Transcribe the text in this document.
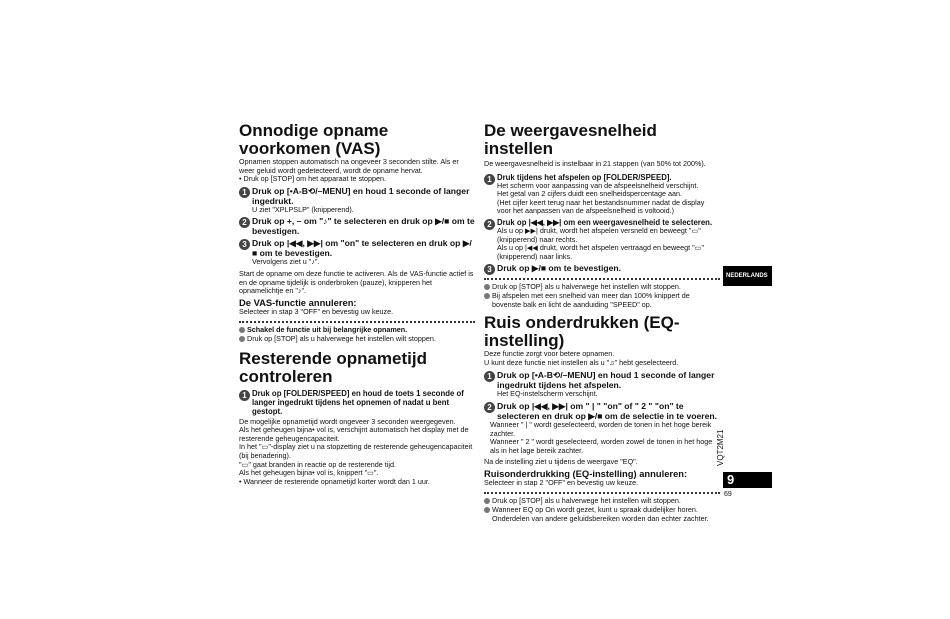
Onnodige opname voorkomen (VAS)

Opnamen stoppen automatisch na ongeveer 3 seconden stilte. Als er weer geluid wordt gedetecteerd, wordt de opname hervat.

• Druk op [STOP] om het apparaat te stoppen.

1 Druk op [•A-B⟲/–MENU] en houd 1 seconde of langer ingedrukt.
U ziet "XPLPSLP" (knipperend).
2 Druk op +, – om "♪" te selecteren en druk op ▶/■ om te bevestigen.
3 Druk op |◀◀, ▶▶| om "on" te selecteren en druk op ▶/■ om te bevestigen.
Vervolgens ziet u "♪".

Start de opname om deze functie te activeren. Als de VAS-functie actief is en de opname tijdelijk is onderbroken (pauze), knipperen het opnamelichtje en "♪".

De VAS-functie annuleren:

Selecteer in stap 3 "OFF" en bevestig uw keuze.

Schakel de functie uit bij belangrijke opnamen.
Druk op [STOP] als u halverwege het instellen wilt stoppen.
Resterende opnametijd controleren
1 Druk op [FOLDER/SPEED] en houd de toets 1 seconde of langer ingedrukt tijdens het opnemen of nadat u bent gestopt.

De mogelijke opnametijd wordt ongeveer 3 seconden weergegeven.

Als het geheugen bijna• vol is, verschijnt automatisch het display met de resterende geheugencapaciteit.

In het "▭"-display ziet u na stopzetting de resterende geheugencapaciteit (bij benadering).

"▭" gaat branden in reactie op de resterende tijd.

Als het geheugen bijna• vol is, knippert "▭".

• Wanneer de resterende opnametijd korter wordt dan 1 uur.

De weergavesnelheid instellen

De weergavesnelheid is instelbaar in 21 stappen (van 50% tot 200%).

1 Druk tijdens het afspelen op [FOLDER/SPEED].
Het scherm voor aanpassing van de afspeelsnelheid verschijnt.
Het getal van 2 cijfers duidt een snelheidspercentage aan.
(Het cijfer keert terug naar het bestandsnummer nadat de display voor het aanpassen van de afspeelsnelheid is voltooid.)
2 Druk op |◀◀, ▶▶| om een weergavesnelheid te selecteren.
Als u op ▶▶| drukt, wordt het afspelen versneld en beweegt "▭" (knipperend) naar rechts.
Als u op |◀◀ drukt, wordt het afspelen vertraagd en beweegt "▭" (knipperend) naar links.
3 Druk op ▶/■ om te bevestigen.
Druk op [STOP] als u halverwege het instellen wilt stoppen.
Bij afspelen met een snelheid van meer dan 100% knippert de bovenste balk en licht de aanduiding "SPEED" op.
Ruis onderdrukken (EQ-instelling)

Deze functie zorgt voor betere opnamen.

U kunt deze functie niet instellen als u "♫" hebt geselecteerd.

1 Druk op [•A-B⟲/–MENU] en houd 1 seconde of langer ingedrukt tijdens het afspelen.
Het EQ-instelscherm verschijnt.
2 Druk op |◀◀, ▶▶| om " | " "on" of " 2 " "on" te selecteren en druk op ▶/■ om de selectie in te voeren.

Wanneer " | " wordt geselecteerd, worden de tonen in het hoge bereik zachter.

Wanneer " 2 " wordt geselecteerd, worden zowel de tonen in het hoge als in het lage bereik zachter.

Na de instelling ziet u tijdens de weergave "EQ".

Ruisonderdrukking (EQ-instelling) annuleren:

Selecteer in stap 2 "OFF" en bevestig uw keuze.

Druk op [STOP] als u halverwege het instellen wilt stoppen.
Wanneer EQ op On wordt gezet, kunt u spraak duidelijker horen. Onderdelen van andere geluidsbereiken worden dan echter zachter.
NEDERLANDS
VQT2M21
9
69
